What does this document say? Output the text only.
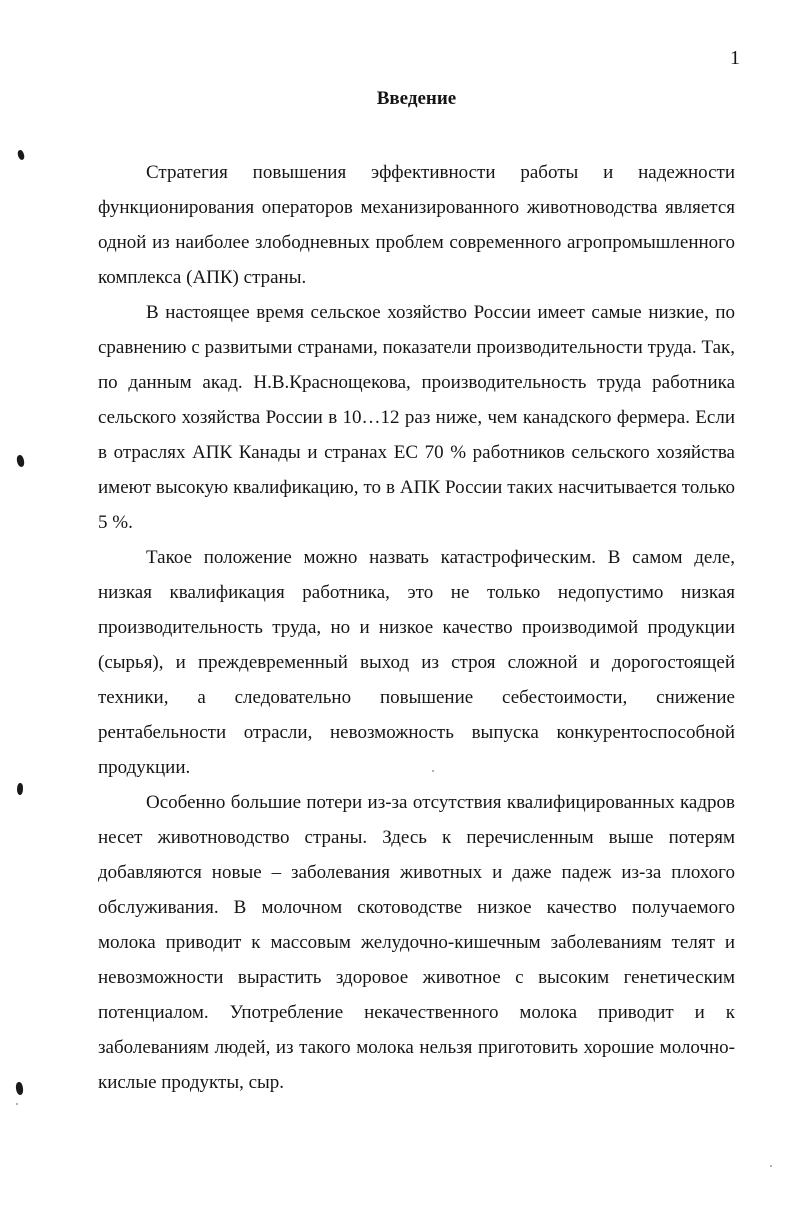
1
Введение

Стратегия повышения эффективности работы и надежности функционирования операторов механизированного животноводства является одной из наиболее злободневных проблем современного агропромышленного комплекса (АПК) страны.

В настоящее время сельское хозяйство России имеет самые низкие, по сравнению с развитыми странами, показатели производительности труда. Так, по данным акад. Н.В.Краснощекова, производительность труда работника сельского хозяйства России в 10…12 раз ниже, чем канадского фермера. Если в отраслях АПК Канады и странах ЕС 70 % работников сельского хозяйства имеют высокую квалификацию, то в АПК России таких насчитывается только 5 %.

Такое положение можно назвать катастрофическим. В самом деле, низкая квалификация работника, это не только недопустимо низкая производительность труда, но и низкое качество производимой продукции (сырья), и преждевременный выход из строя сложной и дорогостоящей техники, а следовательно повышение себестоимости, снижение рентабельности отрасли, невозможность выпуска конкурентоспособной продукции.

Особенно большие потери из-за отсутствия квалифицированных кадров несет животноводство страны. Здесь к перечисленным выше потерям добавляются новые – заболевания животных и даже падеж из-за плохого обслуживания. В молочном скотоводстве низкое качество получаемого молока приводит к массовым желудочно-кишечным заболеваниям телят и невозможности вырастить здоровое животное с высоким генетическим потенциалом. Употребление некачественного молока приводит и к заболеваниям людей, из такого молока нельзя приготовить хорошие молочно-кислые продукты, сыр.
